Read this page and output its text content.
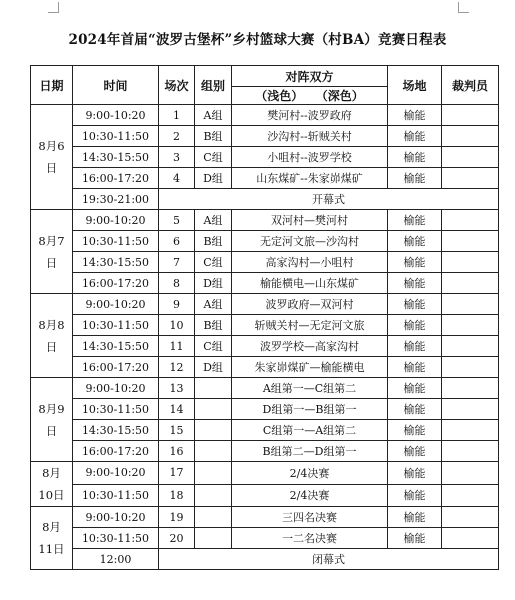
2024年首届“波罗古堡杯”乡村篮球大赛（村BA）竞赛日程表
日期	时间	场次	组别	对阵双方	场地	裁判员	
				（浅色） （深色）			

8月6
日	9:00-10:20	1	A组	樊河村--波罗政府	榆能		
	10:30-11:50	2	B组	沙沟村--斩贼关村	榆能		
	14:30-15:50	3	C组	小咀村--波罗学校	榆能		
	16:00-17:20	4	D组	山东煤矿--朱家峁煤矿	榆能		
	19:30-21:00	开幕式					

8月7
日	9:00-10:20	5	A组	双河村—樊河村	榆能		
	10:30-11:50	6	B组	无定河文旅—沙沟村	榆能		
	14:30-15:50	7	C组	高家沟村—小咀村	榆能		
	16:00-17:20	8	D组	榆能横电—山东煤矿	榆能		

8月8
日	9:00-10:20	9	A组	波罗政府—双河村	榆能		
	10:30-11:50	10	B组	斩贼关村—无定河文旅	榆能		
	14:30-15:50	11	C组	波罗学校—高家沟村	榆能		
	16:00-17:20	12	D组	朱家峁煤矿—榆能横电	榆能		

8月9
日	9:00-10:20	13		A组第一—C组第二	榆能		
	10:30-11:50	14		D组第一—B组第一	榆能		
	14:30-15:50	15		C组第一—A组第二	榆能		
	16:00-17:20	16		B组第二—D组第一	榆能		

8月
10日	9:00-10:20	17		2/4决赛	榆能		
	10:30-11:50	18		2/4决赛	榆能		

8月
11日	9:00-10:20	19		三四名决赛	榆能		
	10:30-11:50	20		一二名决赛	榆能		
	12:00	闭幕式					
